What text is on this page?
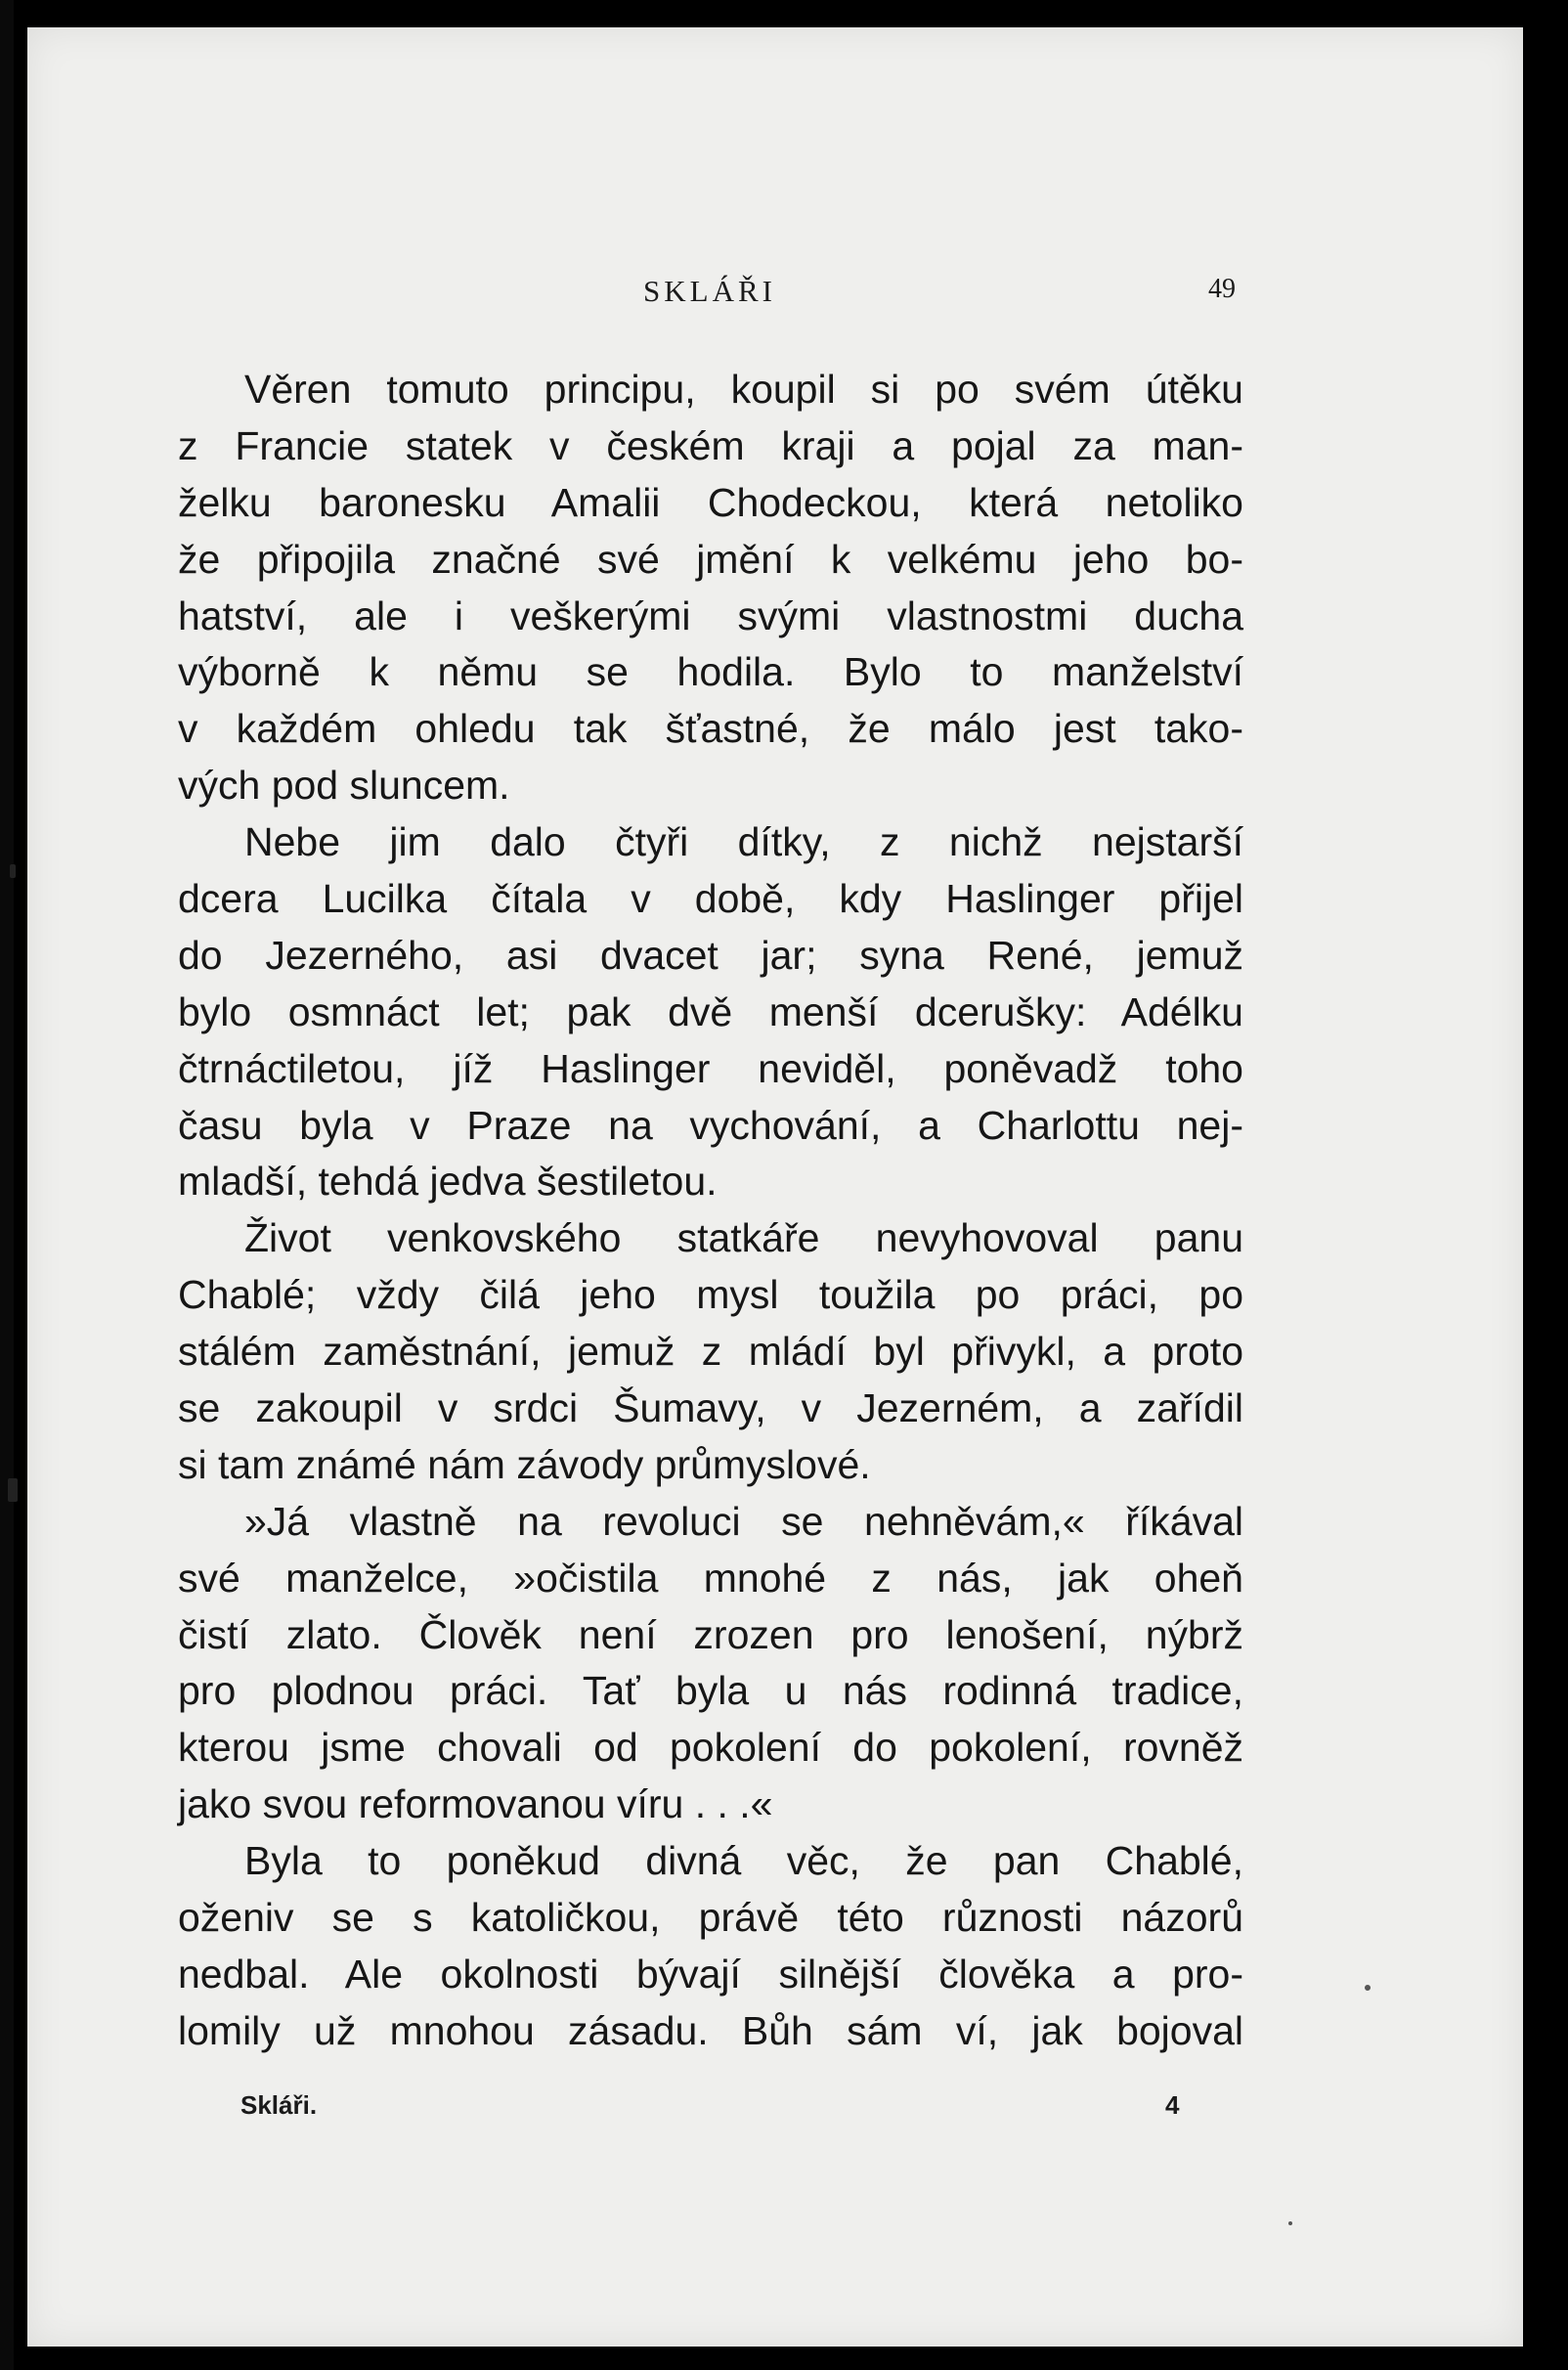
SKLÁŘI	49
Věren tomuto principu, koupil si po svém útěku
z Francie statek v českém kraji a pojal za man-
želku baronesku Amalii Chodeckou, která netoliko
že připojila značné své jmění k velkému jeho bo-
hatství, ale i veškerými svými vlastnostmi ducha
výborně k němu se hodila. Bylo to manželství
v každém ohledu tak šťastné, že málo jest tako-
vých pod sluncem.
Nebe jim dalo čtyři dítky, z nichž nejstarší
dcera Lucilka čítala v době, kdy Haslinger přijel
do Jezerného, asi dvacet jar; syna René, jemuž
bylo osmnáct let; pak dvě menší dcerušky: Adélku
čtrnáctiletou, jíž Haslinger neviděl, poněvadž toho
času byla v Praze na vychování, a Charlottu nej-
mladší, tehdá jedva šestiletou.
Život venkovského statkáře nevyhovoval panu
Chablé; vždy čilá jeho mysl toužila po práci, po
stálém zaměstnání, jemuž z mládí byl přivykl, a proto
se zakoupil v srdci Šumavy, v Jezerném, a zařídil
si tam známé nám závody průmyslové.
»Já vlastně na revoluci se nehněvám,« říkával
své manželce, »očistila mnohé z nás, jak oheň
čistí zlato. Člověk není zrozen pro lenošení, nýbrž
pro plodnou práci. Tať byla u nás rodinná tradice,
kterou jsme chovali od pokolení do pokolení, rovněž
jako svou reformovanou víru . . .«
Byla to poněkud divná věc, že pan Chablé,
oženiv se s katoličkou, právě této různosti názorů
nedbal. Ale okolnosti bývají silnější člověka a pro-
lomily už mnohou zásadu. Bůh sám ví, jak bojoval
Skláři.	4
